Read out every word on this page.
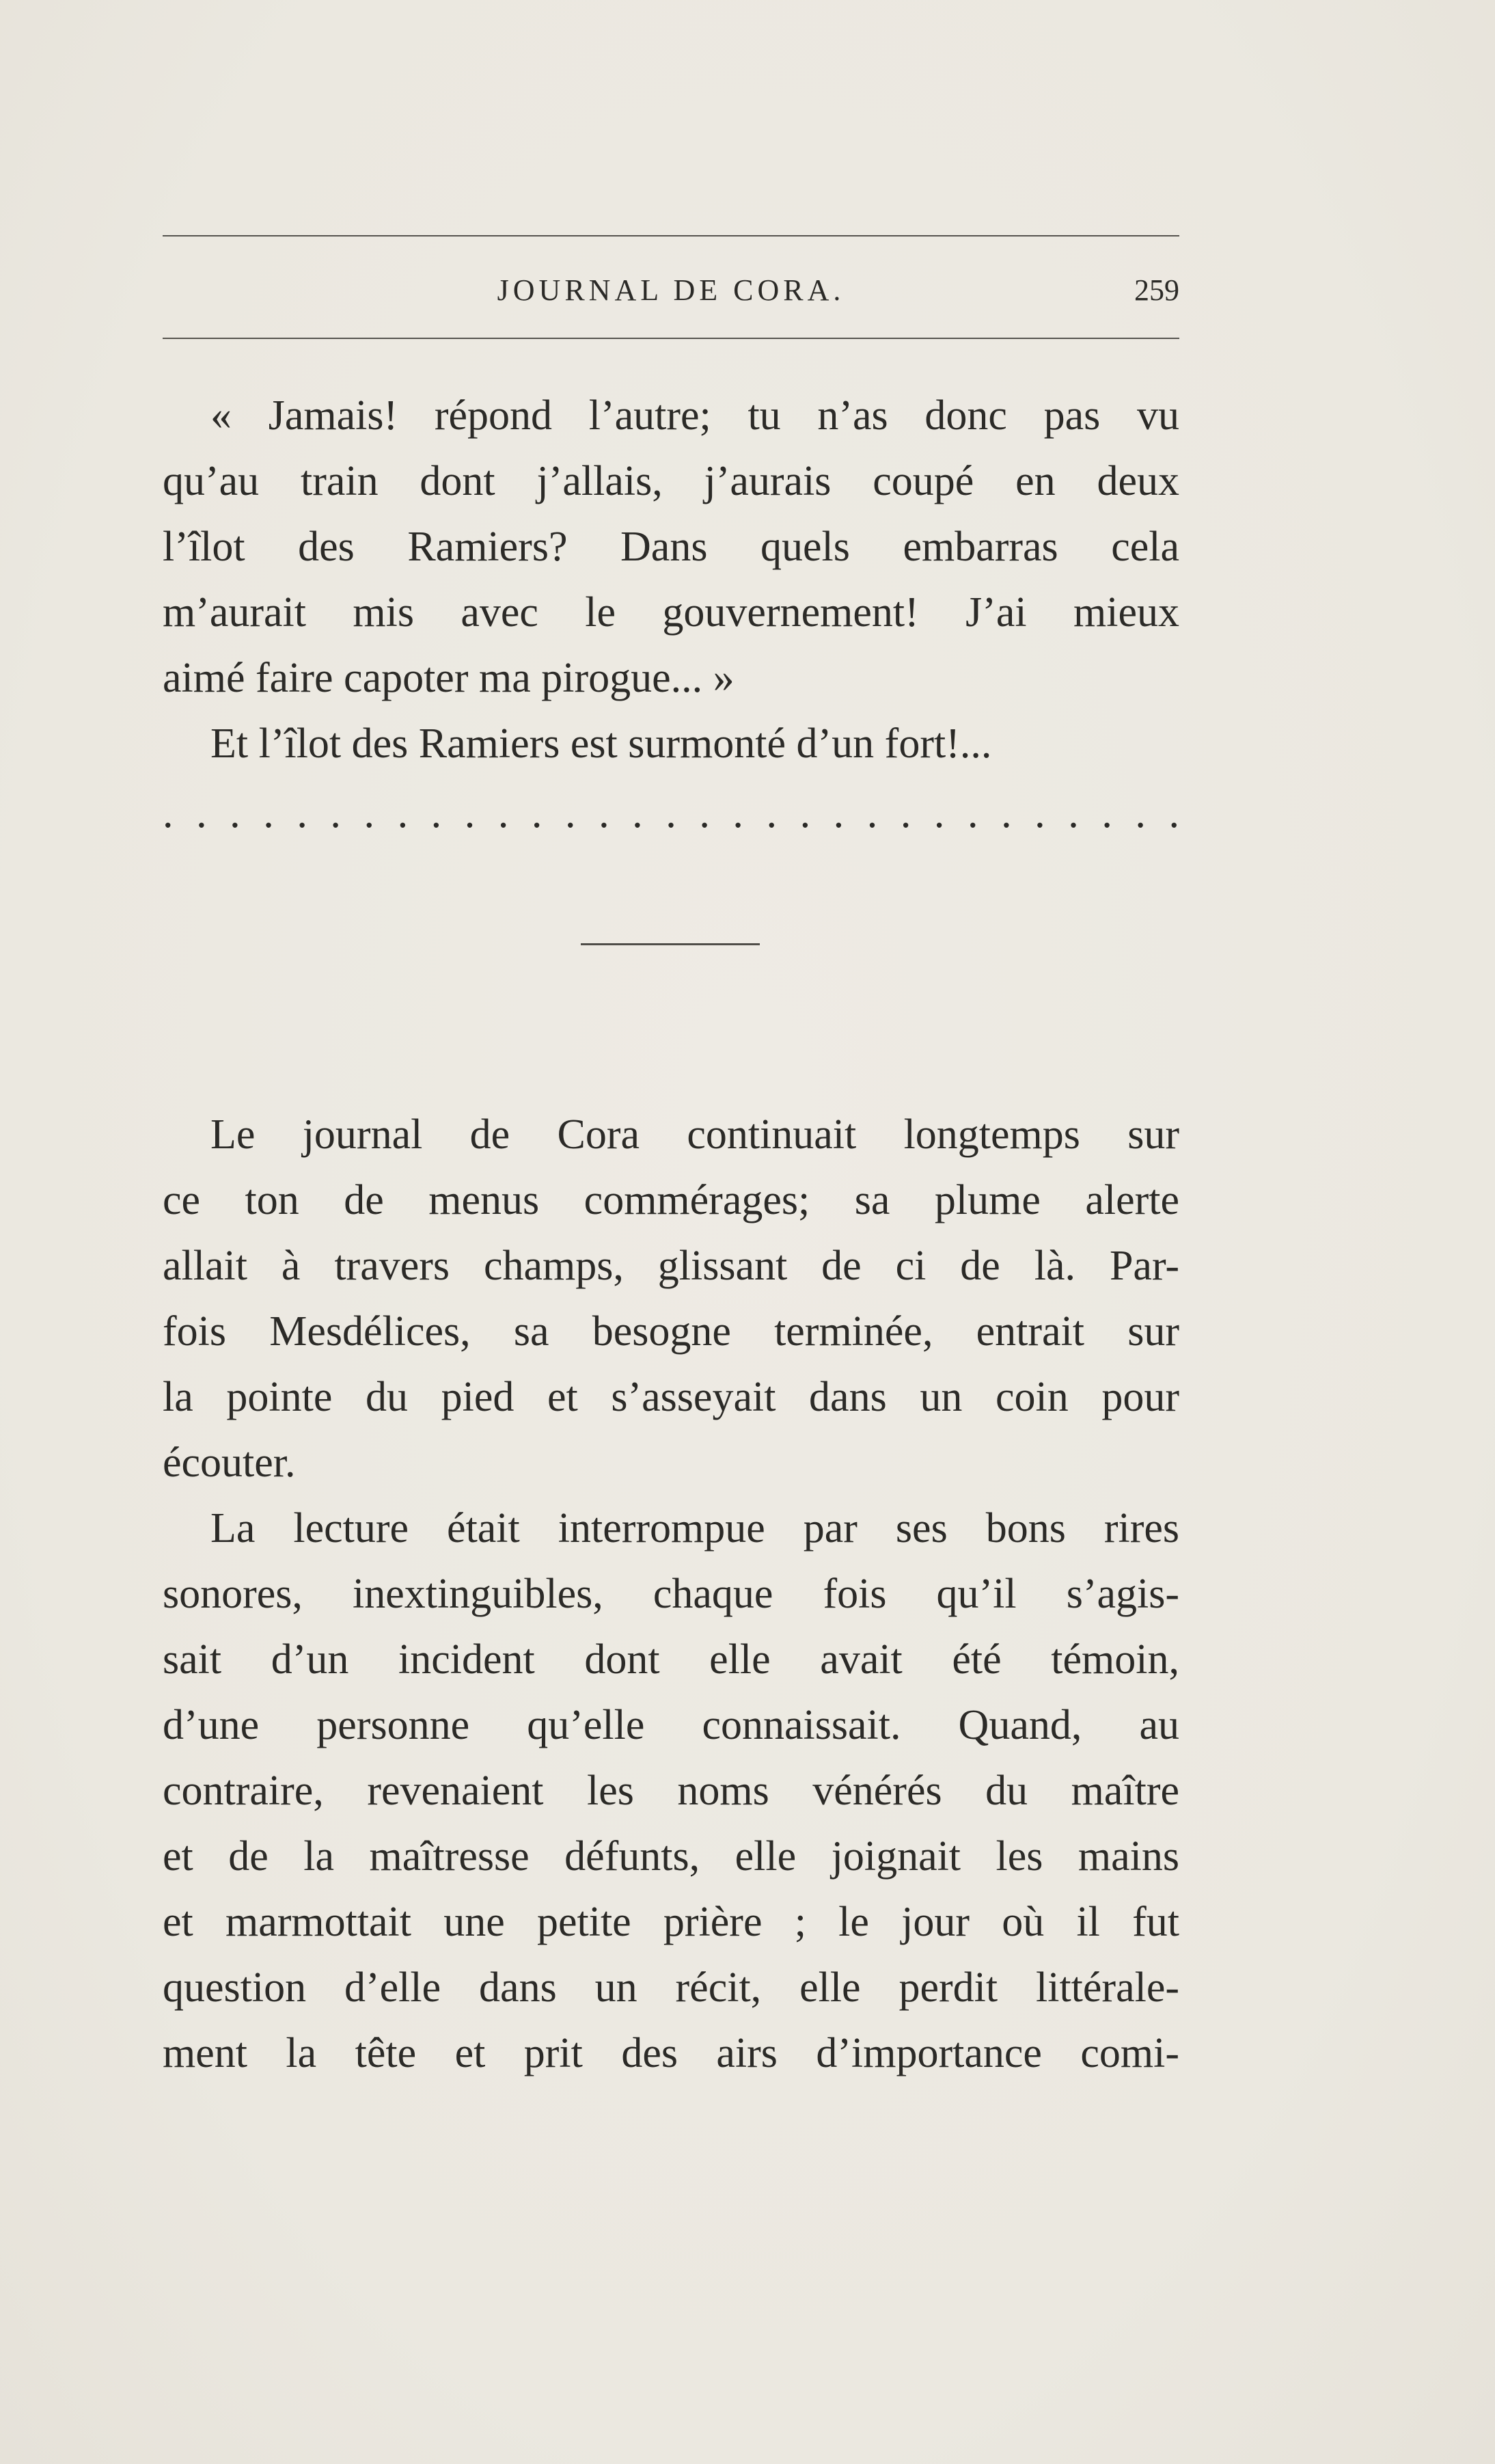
JOURNAL DE CORA.	259
« Jamais! répond l’autre; tu n’as donc pas vu
qu’au train dont j’allais, j’aurais coupé en deux
l’îlot des Ramiers? Dans quels embarras cela
m’aurait mis avec le gouvernement! J’ai mieux
aimé faire capoter ma pirogue... »
Et l’îlot des Ramiers est surmonté d’un fort!...
. . . . . . . . . . . . . . . . . . . . . . . . . . . . . . .
Le journal de Cora continuait longtemps sur
ce ton de menus commérages; sa plume alerte
allait à travers champs, glissant de ci de là. Par-
fois Mesdélices, sa besogne terminée, entrait sur
la pointe du pied et s’asseyait dans un coin pour
écouter.
La lecture était interrompue par ses bons rires
sonores, inextinguibles, chaque fois qu’il s’agis-
sait d’un incident dont elle avait été témoin,
d’une personne qu’elle connaissait. Quand, au
contraire, revenaient les noms vénérés du maître
et de la maîtresse défunts, elle joignait les mains
et marmottait une petite prière ; le jour où il fut
question d’elle dans un récit, elle perdit littérale-
ment la tête et prit des airs d’importance comi-
